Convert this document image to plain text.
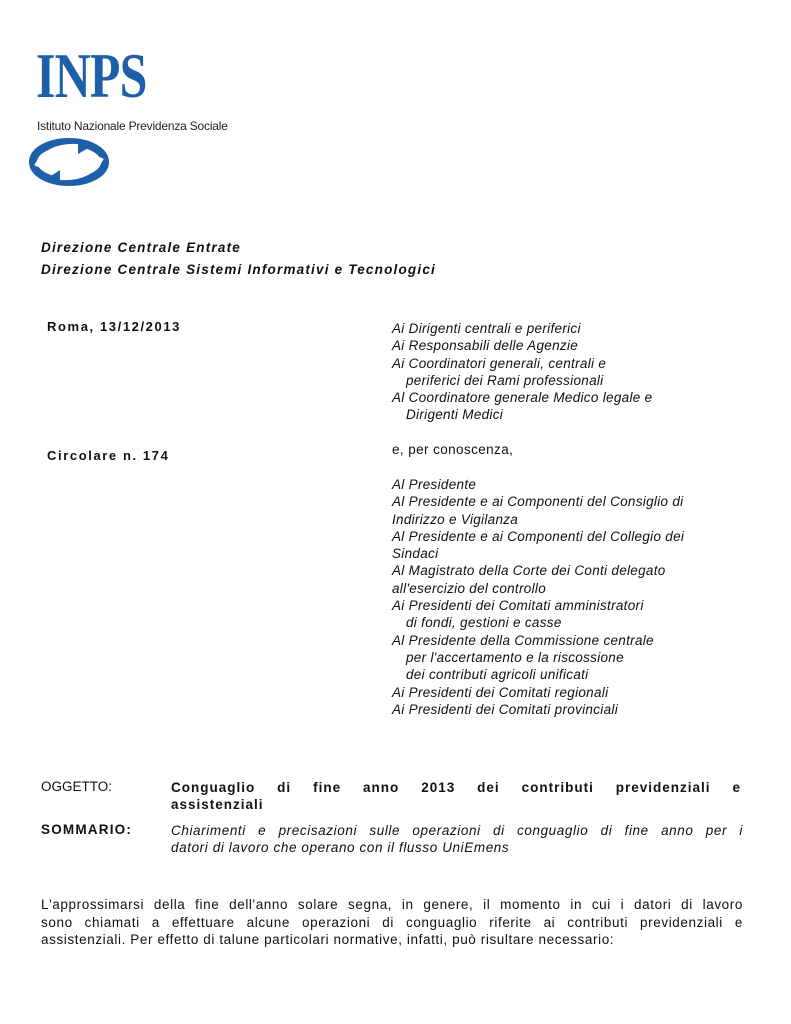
INPS
Istituto Nazionale Previdenza Sociale
Direzione Centrale Entrate
Direzione Centrale Sistemi Informativi e Tecnologici
Roma, 13/12/2013
Circolare n. 174
Ai Dirigenti centrali e periferici
Ai Responsabili delle Agenzie
Ai Coordinatori generali, centrali e
periferici dei Rami professionali
Al Coordinatore generale Medico legale e
Dirigenti Medici
e, per conoscenza,
Al Presidente
Al Presidente e ai Componenti del Consiglio di
Indirizzo e Vigilanza
Al Presidente e ai Componenti del Collegio dei
Sindaci
Al Magistrato della Corte dei Conti delegato
all'esercizio del controllo
Ai Presidenti dei Comitati amministratori
di fondi, gestioni e casse
Al Presidente della Commissione centrale
per l'accertamento e la riscossione
dei contributi agricoli unificati
Ai Presidenti dei Comitati regionali
Ai Presidenti dei Comitati provinciali
OGGETTO:	Conguaglio di fine anno 2013 dei contributi previdenziali e
assistenziali
SOMMARIO:	Chiarimenti e precisazioni sulle operazioni di conguaglio di fine anno per i
datori di lavoro che operano con il flusso UniEmens
L'approssimarsi della fine dell'anno solare segna, in genere, il momento in cui i datori di lavoro
sono chiamati a effettuare alcune operazioni di conguaglio riferite ai contributi previdenziali e
assistenziali. Per effetto di talune particolari normative, infatti, può risultare necessario:
